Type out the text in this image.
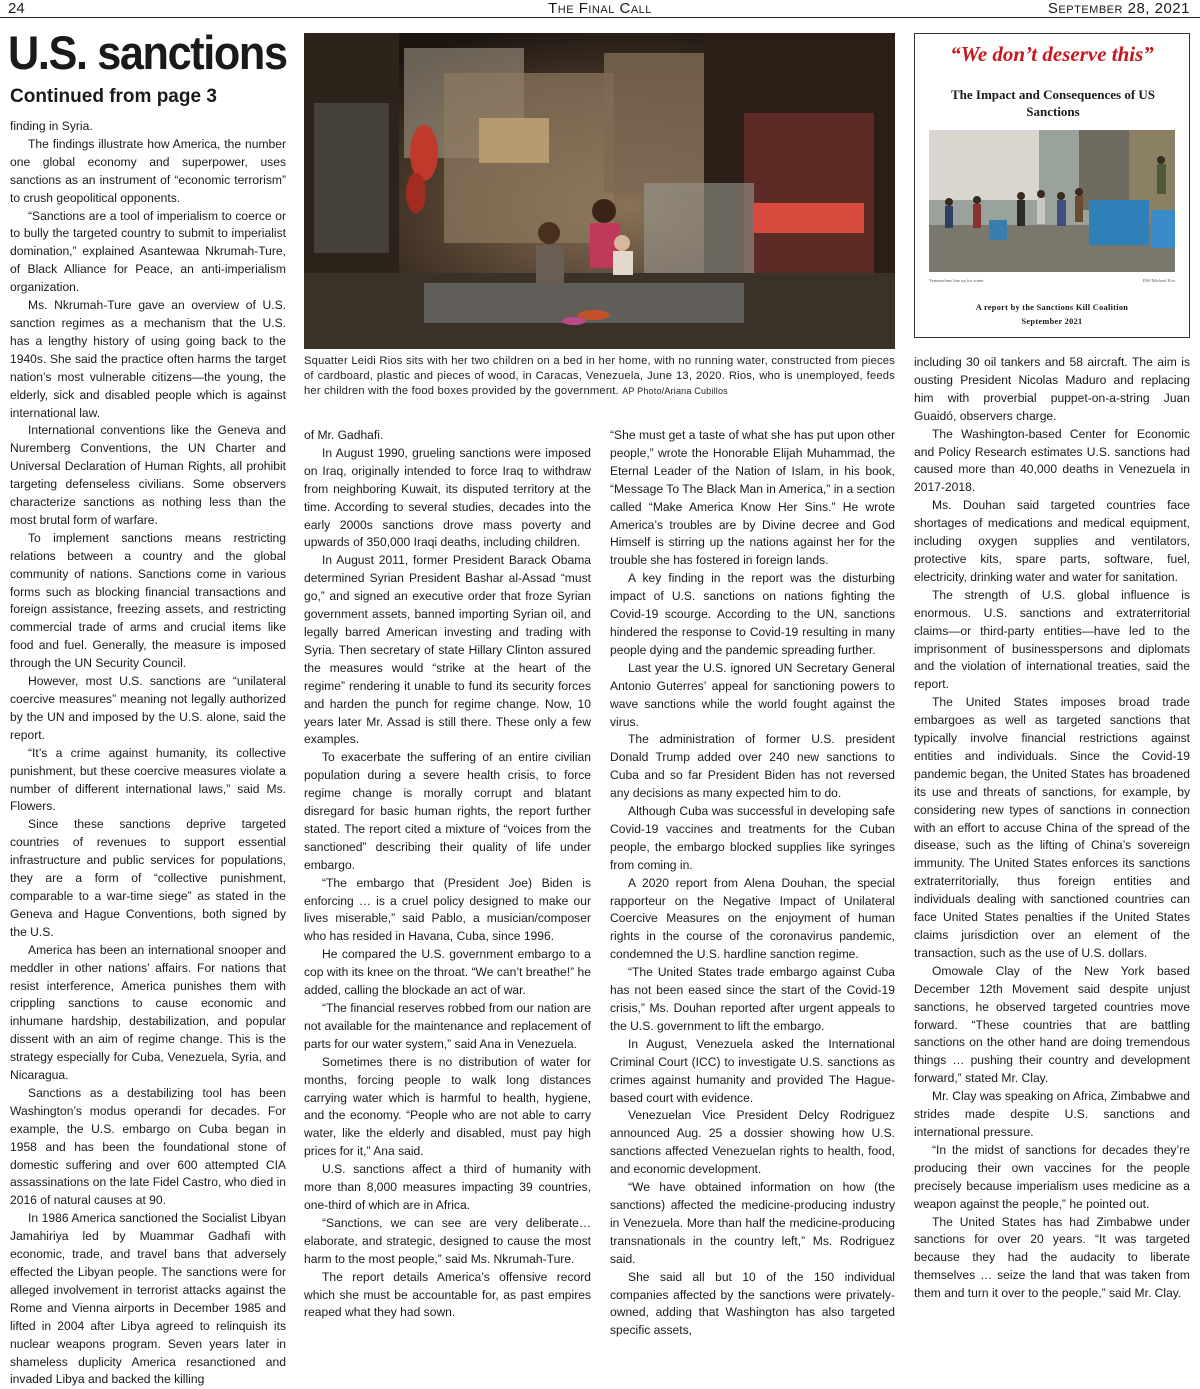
24	The Final Call	September 28, 2021
U.S. sanctions
Continued from page 3

finding in Syria.

The findings illustrate how America, the number one global economy and superpower, uses sanctions as an instrument of “economic terrorism” to crush geopolitical opponents.

“Sanctions are a tool of imperialism to coerce or to bully the targeted country to submit to imperialist domination,” explained Asantewaa Nkrumah-Ture, of Black Alliance for Peace, an anti-imperialism organization.

Ms. Nkrumah-Ture gave an overview of U.S. sanction regimes as a mechanism that the U.S. has a lengthy history of using going back to the 1940s. She said the practice often harms the target nation’s most vulnerable citizens—the young, the elderly, sick and disabled people which is against international law.

International conventions like the Geneva and Nuremberg Conventions, the UN Charter and Universal Declaration of Human Rights, all prohibit targeting defenseless civilians. Some observers characterize sanctions as nothing less than the most brutal form of warfare.

To implement sanctions means restricting relations between a country and the global community of nations. Sanctions come in various forms such as blocking financial transactions and foreign assistance, freezing assets, and restricting commercial trade of arms and crucial items like food and fuel. Generally, the measure is imposed through the UN Security Council.

However, most U.S. sanctions are “unilateral coercive measures” meaning not legally authorized by the UN and imposed by the U.S. alone, said the report.

“It’s a crime against humanity, its collective punishment, but these coercive measures violate a number of different international laws,” said Ms. Flowers.

Since these sanctions deprive targeted countries of revenues to support essential infrastructure and public services for populations, they are a form of “collective punishment, comparable to a war-time siege” as stated in the Geneva and Hague Conventions, both signed by the U.S.

America has been an international snooper and meddler in other nations’ affairs. For nations that resist interference, America punishes them with crippling sanctions to cause economic and inhumane hardship, destabilization, and popular dissent with an aim of regime change. This is the strategy especially for Cuba, Venezuela, Syria, and Nicaragua.

Sanctions as a destabilizing tool has been Washington’s modus operandi for decades. For example, the U.S. embargo on Cuba began in 1958 and has been the foundational stone of domestic suffering and over 600 attempted CIA assassinations on the late Fidel Castro, who died in 2016 of natural causes at 90.

In 1986 America sanctioned the Socialist Libyan Jamahiriya led by Muammar Gadhafi with economic, trade, and travel bans that adversely effected the Libyan people. The sanctions were for alleged involvement in terrorist attacks against the Rome and Vienna airports in December 1985 and lifted in 2004 after Libya agreed to relinquish its nuclear weapons program. Seven years later in shameless duplicity America resanctioned and invaded Libya and backed the killing

Squatter Leidi Rios sits with her two children on a bed in her home, with no running water, constructed from pieces of cardboard, plastic and pieces of wood, in Caracas, Venezuela, June 13, 2020. Rios, who is unemployed, feeds her children with the food boxes provided by the government. AP Photo/Ariana Cubillos
“We don’t deserve this”
The Impact and Consequences of US Sanctions
Venezuelans line up for water	DW/Michael Fox
A report by the Sanctions Kill Coalition
September 2021

of Mr. Gadhafi.

In August 1990, grueling sanctions were imposed on Iraq, originally intended to force Iraq to withdraw from neighboring Kuwait, its disputed territory at the time. According to several studies, decades into the early 2000s sanctions drove mass poverty and upwards of 350,000 Iraqi deaths, including children.

In August 2011, former President Barack Obama determined Syrian President Bashar al-Assad “must go,” and signed an executive order that froze Syrian government assets, banned importing Syrian oil, and legally barred American investing and trading with Syria. Then secretary of state Hillary Clinton assured the measures would “strike at the heart of the regime” rendering it unable to fund its security forces and harden the punch for regime change. Now, 10 years later Mr. Assad is still there. These only a few examples.

To exacerbate the suffering of an entire civilian population during a severe health crisis, to force regime change is morally corrupt and blatant disregard for basic human rights, the report further stated. The report cited a mixture of “voices from the sanctioned” describing their quality of life under embargo.

“The embargo that (President Joe) Biden is enforcing … is a cruel policy designed to make our lives miserable,” said Pablo, a musician/composer who has resided in Havana, Cuba, since 1996.

He compared the U.S. government embargo to a cop with its knee on the throat. “We can’t breathe!” he added, calling the blockade an act of war.

“The financial reserves robbed from our nation are not available for the maintenance and replacement of parts for our water system,” said Ana in Venezuela.

Sometimes there is no distribution of water for months, forcing people to walk long distances carrying water which is harmful to health, hygiene, and the economy. “People who are not able to carry water, like the elderly and disabled, must pay high prices for it,” Ana said.

U.S. sanctions affect a third of humanity with more than 8,000 measures impacting 39 countries, one-third of which are in Africa.

“Sanctions, we can see are very deliberate…elaborate, and strategic, designed to cause the most harm to the most people,” said Ms. Nkrumah-Ture.

The report details America’s offensive record which she must be accountable for, as past empires reaped what they had sown.

“She must get a taste of what she has put upon other people,” wrote the Honorable Elijah Muhammad, the Eternal Leader of the Nation of Islam, in his book, “Message To The Black Man in America,” in a section called “Make America Know Her Sins.” He wrote America’s troubles are by Divine decree and God Himself is stirring up the nations against her for the trouble she has fostered in foreign lands.

A key finding in the report was the disturbing impact of U.S. sanctions on nations fighting the Covid-19 scourge. According to the UN, sanctions hindered the response to Covid-19 resulting in many people dying and the pandemic spreading further.

Last year the U.S. ignored UN Secretary General Antonio Guterres’ appeal for sanctioning powers to wave sanctions while the world fought against the virus.

The administration of former U.S. president Donald Trump added over 240 new sanctions to Cuba and so far President Biden has not reversed any decisions as many expected him to do.

Although Cuba was successful in developing safe Covid-19 vaccines and treatments for the Cuban people, the embargo blocked supplies like syringes from coming in.

A 2020 report from Alena Douhan, the special rapporteur on the Negative Impact of Unilateral Coercive Measures on the enjoyment of human rights in the course of the coronavirus pandemic, condemned the U.S. hardline sanction regime.

“The United States trade embargo against Cuba has not been eased since the start of the Covid-19 crisis,” Ms. Douhan reported after urgent appeals to the U.S. government to lift the embargo.

In August, Venezuela asked the International Criminal Court (ICC) to investigate U.S. sanctions as crimes against humanity and provided The Hague-based court with evidence.

Venezuelan Vice President Delcy Rodriguez announced Aug. 25 a dossier showing how U.S. sanctions affected Venezuelan rights to health, food, and economic development.

“We have obtained information on how (the sanctions) affected the medicine-producing industry in Venezuela. More than half the medicine-producing transnationals in the country left,” Ms. Rodriguez said.

She said all but 10 of the 150 individual companies affected by the sanctions were privately-owned, adding that Washington has also targeted specific assets,

including 30 oil tankers and 58 aircraft. The aim is ousting President Nicolas Maduro and replacing him with proverbial puppet-on-a-string Juan Guaidó, observers charge.

The Washington-based Center for Economic and Policy Research estimates U.S. sanctions had caused more than 40,000 deaths in Venezuela in 2017-2018.

Ms. Douhan said targeted countries face shortages of medications and medical equipment, including oxygen supplies and ventilators, protective kits, spare parts, software, fuel, electricity, drinking water and water for sanitation.

The strength of U.S. global influence is enormous. U.S. sanctions and extraterritorial claims—or third-party entities—have led to the imprisonment of businesspersons and diplomats and the violation of international treaties, said the report.

The United States imposes broad trade embargoes as well as targeted sanctions that typically involve financial restrictions against entities and individuals. Since the Covid-19 pandemic began, the United States has broadened its use and threats of sanctions, for example, by considering new types of sanctions in connection with an effort to accuse China of the spread of the disease, such as the lifting of China’s sovereign immunity. The United States enforces its sanctions extraterritorially, thus foreign entities and individuals dealing with sanctioned countries can face United States penalties if the United States claims jurisdiction over an element of the transaction, such as the use of U.S. dollars.

Omowale Clay of the New York based December 12th Movement said despite unjust sanctions, he observed targeted countries move forward. “These countries that are battling sanctions on the other hand are doing tremendous things … pushing their country and development forward,” stated Mr. Clay.

Mr. Clay was speaking on Africa, Zimbabwe and strides made despite U.S. sanctions and international pressure.

“In the midst of sanctions for decades they’re producing their own vaccines for the people precisely because imperialism uses medicine as a weapon against the people,” he pointed out.

The United States has had Zimbabwe under sanctions for over 20 years. “It was targeted because they had the audacity to liberate themselves … seize the land that was taken from them and turn it over to the people,” said Mr. Clay.
